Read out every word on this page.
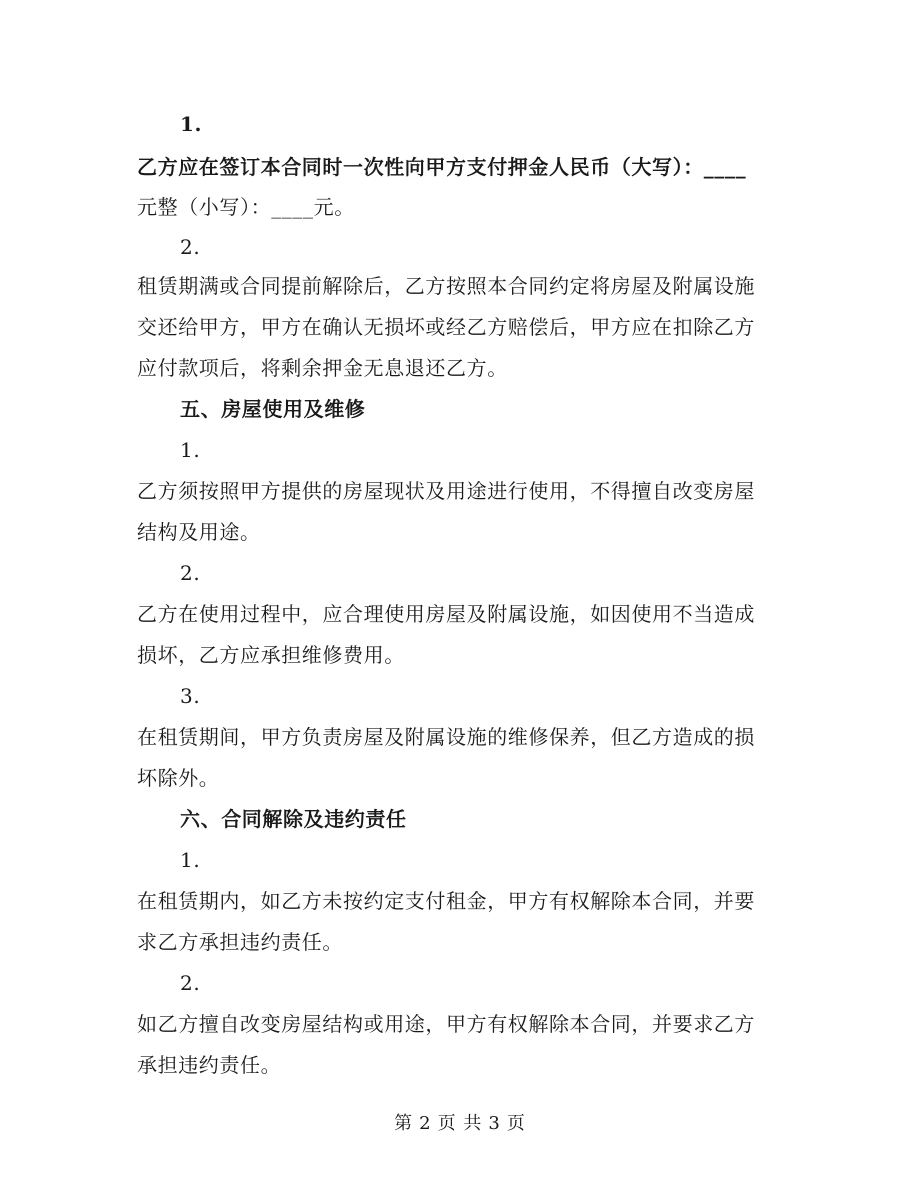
1.
乙方应在签订本合同时一次性向甲方支付押金人民币（大写）：____
元整（小写）：____元。
2.
租赁期满或合同提前解除后，乙方按照本合同约定将房屋及附属设施
交还给甲方，甲方在确认无损坏或经乙方赔偿后，甲方应在扣除乙方
应付款项后，将剩余押金无息退还乙方。
五、房屋使用及维修
1.
乙方须按照甲方提供的房屋现状及用途进行使用，不得擅自改变房屋
结构及用途。
2.
乙方在使用过程中，应合理使用房屋及附属设施，如因使用不当造成
损坏，乙方应承担维修费用。
3.
在租赁期间，甲方负责房屋及附属设施的维修保养，但乙方造成的损
坏除外。
六、合同解除及违约责任
1.
在租赁期内，如乙方未按约定支付租金，甲方有权解除本合同，并要
求乙方承担违约责任。
2.
如乙方擅自改变房屋结构或用途，甲方有权解除本合同，并要求乙方
承担违约责任。
第 2 页 共 3 页
